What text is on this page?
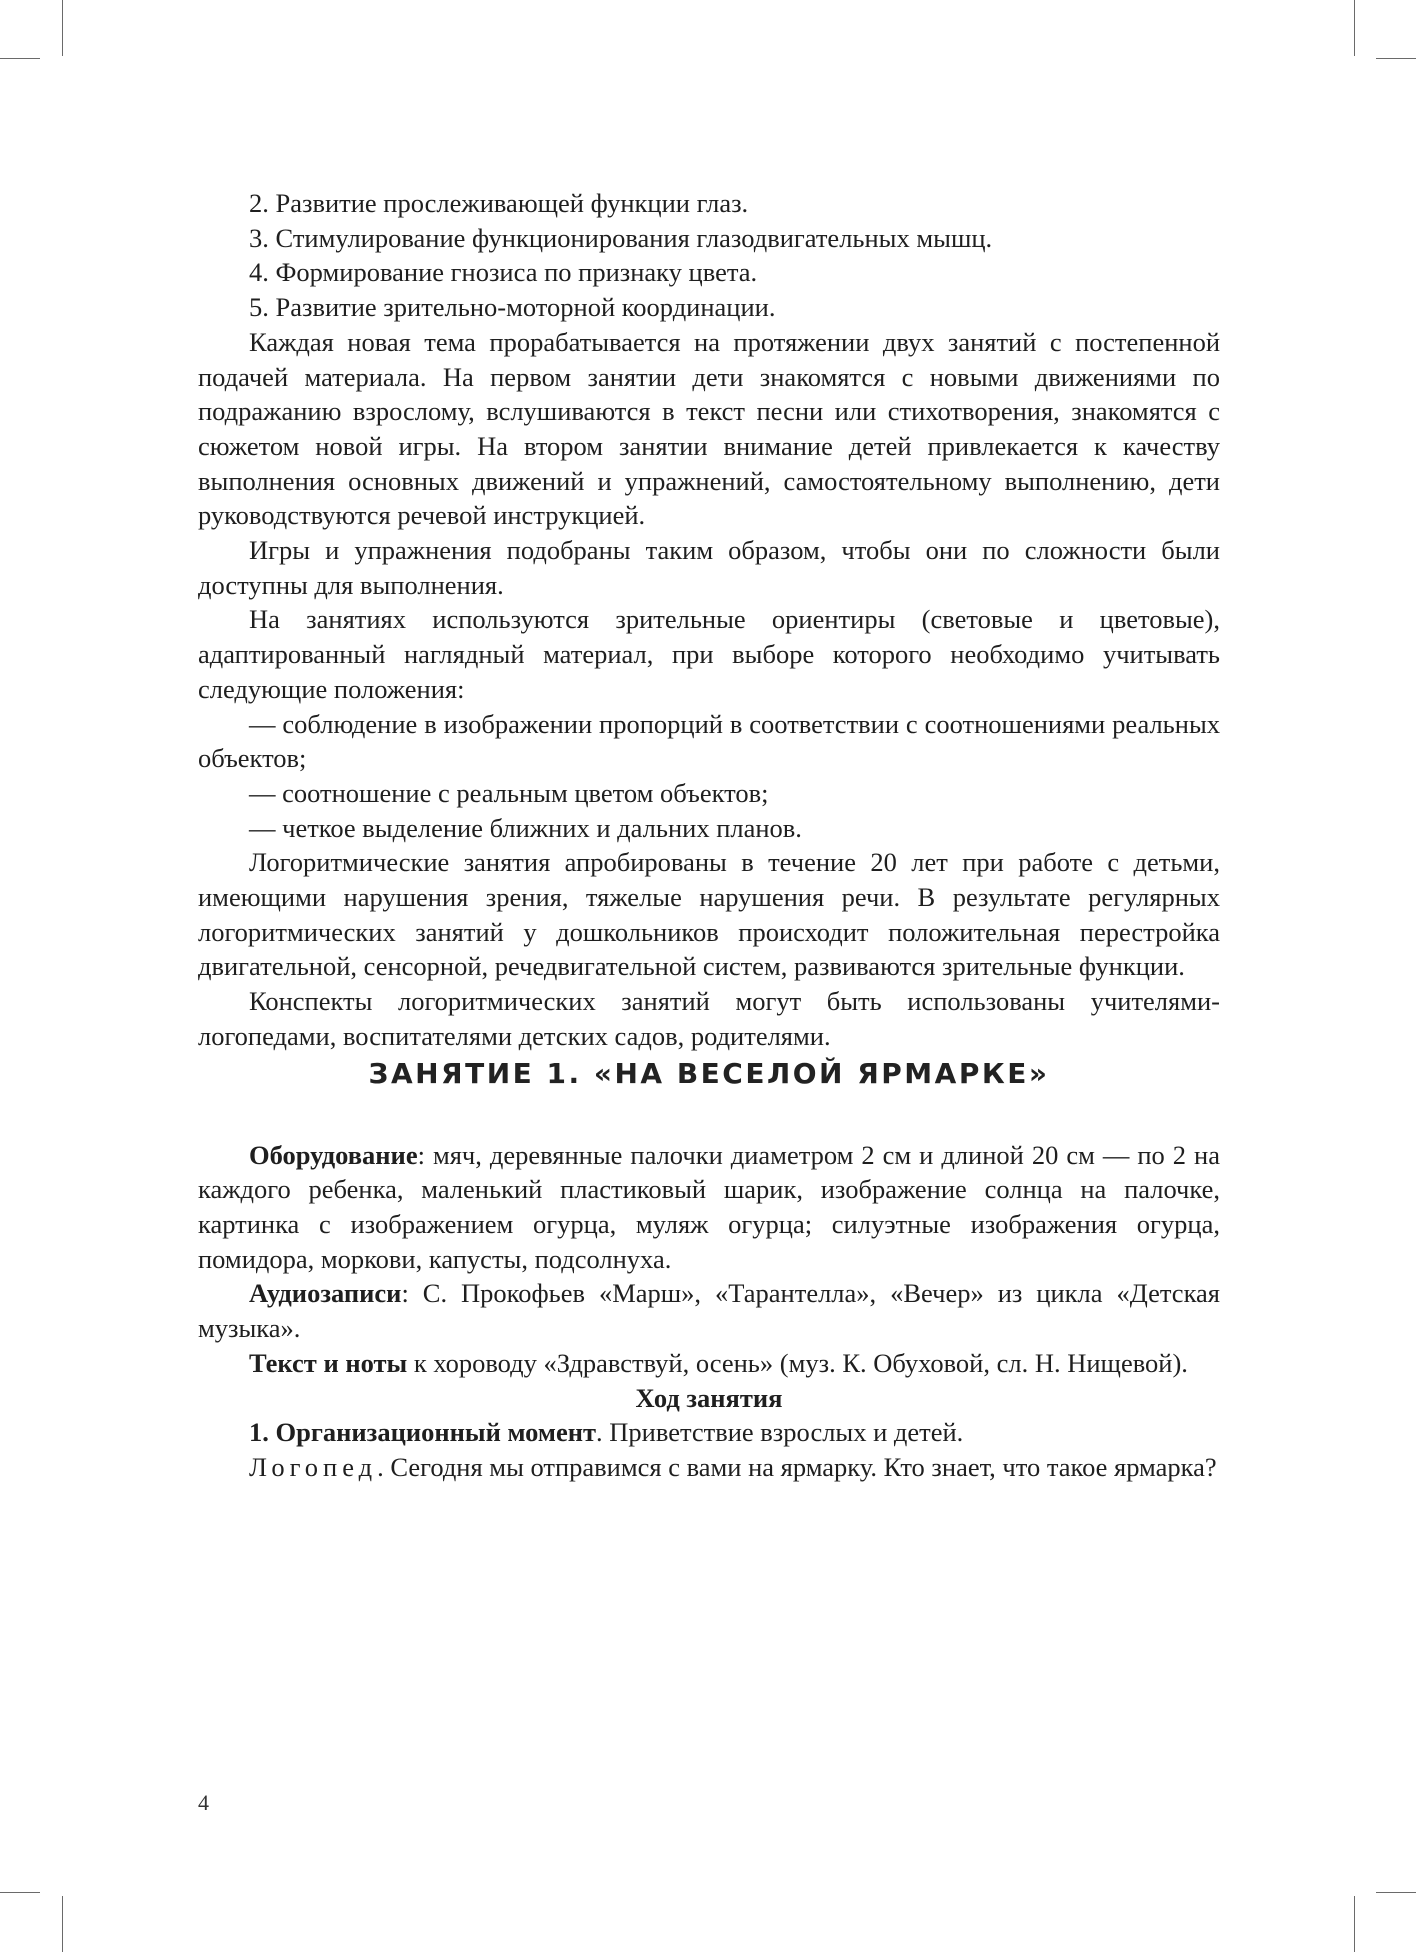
2. Развитие прослеживающей функции глаз.

3. Стимулирование функционирования глазодвигательных мышц.

4. Формирование гнозиса по признаку цвета.

5. Развитие зрительно-моторной координации.

Каждая новая тема прорабатывается на протяжении двух занятий с постепенной подачей материала. На первом занятии дети знакомятся с новыми движениями по подражанию взрослому, вслушиваются в текст песни или стихотворения, знакомятся с сюжетом новой игры. На втором занятии внимание детей привлекается к качеству выполнения основных движений и упражнений, самостоятельному выполнению, дети руководствуются речевой инструкцией.

Игры и упражнения подобраны таким образом, чтобы они по сложности были доступны для выполнения.

На занятиях используются зрительные ориентиры (световые и цветовые), адаптированный наглядный материал, при выборе которого необходимо учитывать следующие положения:

— соблюдение в изображении пропорций в соответствии с соотношениями реальных объектов;

— соотношение с реальным цветом объектов;

— четкое выделение ближних и дальних планов.

Логоритмические занятия апробированы в течение 20 лет при работе с детьми, имеющими нарушения зрения, тяжелые нарушения речи. В результате регулярных логоритмических занятий у дошкольников происходит положительная перестройка двигательной, сенсорной, речедвигательной систем, развиваются зрительные функции.

Конспекты логоритмических занятий могут быть использованы учителями-логопедами, воспитателями детских садов, родителями.

ЗАНЯТИЕ 1. «НА ВЕСЕЛОЙ ЯРМАРКЕ»

Оборудование: мяч, деревянные палочки диаметром 2 см и длиной 20 см — по 2 на каждого ребенка, маленький пластиковый шарик, изображение солнца на палочке, картинка с изображением огурца, муляж огурца; силуэтные изображения огурца, помидора, моркови, капусты, подсолнуха.

Аудиозаписи: С. Прокофьев «Марш», «Тарантелла», «Вечер» из цикла «Детская музыка».

Текст и ноты к хороводу «Здравствуй, осень» (муз. К. Обуховой, сл. Н. Нищевой).

Ход занятия

1. Организационный момент. Приветствие взрослых и детей.

Логопед. Сегодня мы отправимся с вами на ярмарку. Кто знает, что такое ярмарка?

4
